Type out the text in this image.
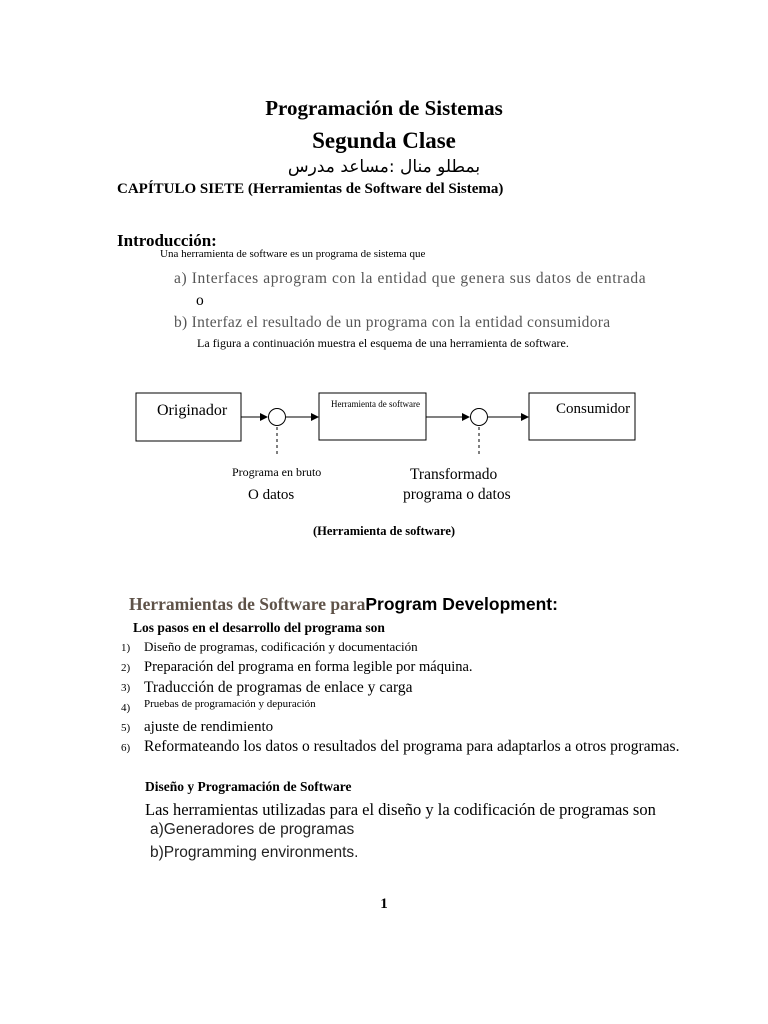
Programación de Sistemas
Segunda Clase
بمطلو منال :مساعد مدرس
CAPÍTULO SIETE (Herramientas de Software del Sistema)
Introducción:
Una herramienta de software es un programa de sistema que
a) Interfaces aprogram con la entidad que genera sus datos de entrada
o
b) Interfaz el resultado de un programa con la entidad consumidora
La figura a continuación muestra el esquema de una herramienta de software.
Originador	Herramienta de software	Consumidor
Programa en bruto
O datos
Transformado
programa o datos
(Herramienta de software)
Herramientas de Software paraProgram Development:
Los pasos en el desarrollo del programa son
1)	Diseño de programas, codificación y documentación
2) Preparación del programa en forma legible por máquina.
3) Traducción de programas de enlace y carga
4)	Pruebas de programación y depuración
5) ajuste de rendimiento
6) Reformateando los datos o resultados del programa para adaptarlos a otros programas.
Diseño y Programación de Software
Las herramientas utilizadas para el diseño y la codificación de programas son
a)Generadores de programas
b)Programming environments.
1
